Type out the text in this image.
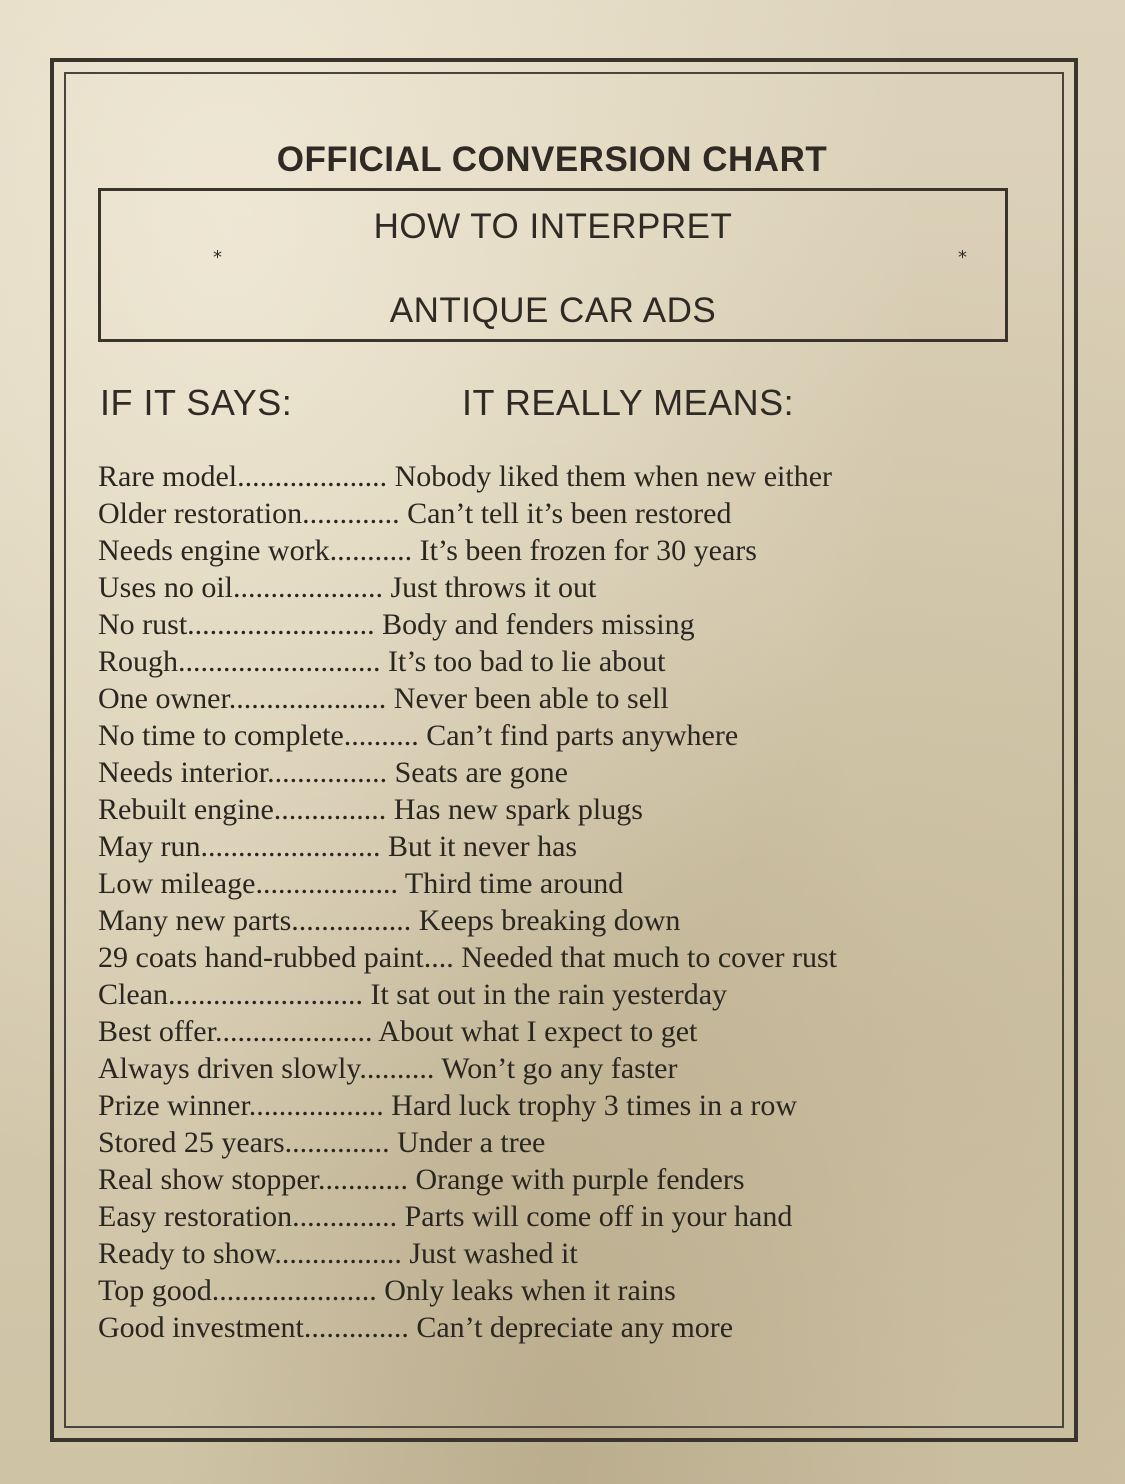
OFFICIAL CONVERSION CHART
*
HOW TO INTERPRET
ANTIQUE CAR ADS
*
IF IT SAYS:	IT REALLY MEANS:
Rare model.................... Nobody liked them when new either
Older restoration............. Can’t tell it’s been restored
Needs engine work........... It’s been frozen for 30 years
Uses no oil.................... Just throws it out
No rust......................... Body and fenders missing
Rough........................... It’s too bad to lie about
One owner..................... Never been able to sell
No time to complete.......... Can’t find parts anywhere
Needs interior................ Seats are gone
Rebuilt engine............... Has new spark plugs
May run........................ But it never has
Low mileage................... Third time around
Many new parts................ Keeps breaking down
29 coats hand-rubbed paint.... Needed that much to cover rust
Clean.......................... It sat out in the rain yesterday
Best offer..................... About what I expect to get
Always driven slowly.......... Won’t go any faster
Prize winner.................. Hard luck trophy 3 times in a row
Stored 25 years.............. Under a tree
Real show stopper............ Orange with purple fenders
Easy restoration.............. Parts will come off in your hand
Ready to show................. Just washed it
Top good...................... Only leaks when it rains
Good investment.............. Can’t depreciate any more
